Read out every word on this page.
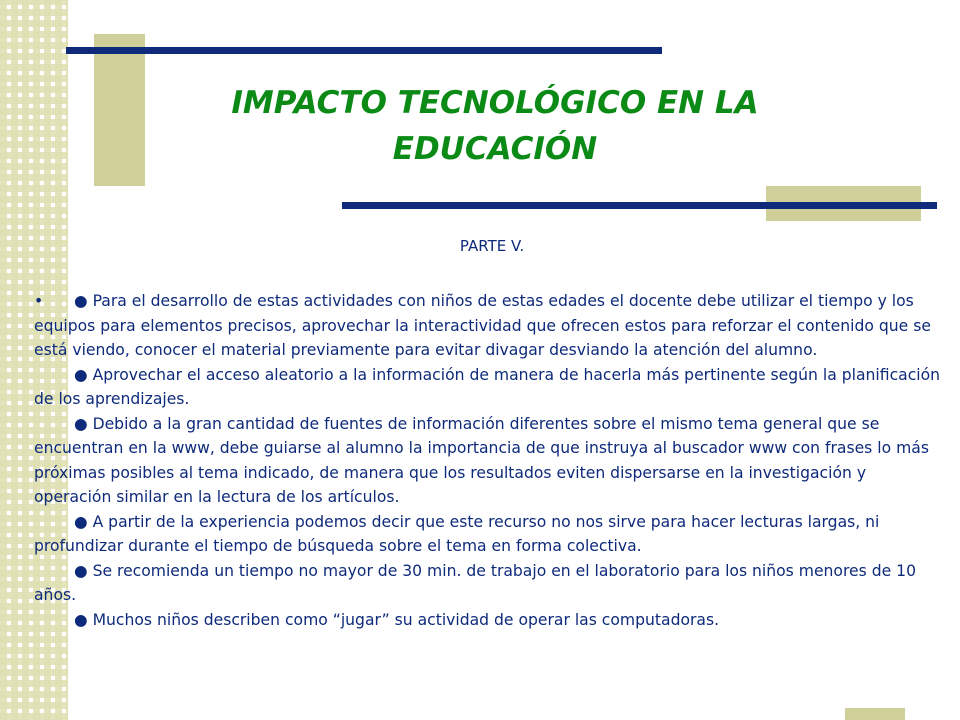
IMPACTO TECNOLÓGICO EN LA EDUCACIÓN
PARTE V.

• ● Para el desarrollo de estas actividades con niños de estas edades el docente debe utilizar el tiempo y los equipos para elementos precisos, aprovechar la interactividad que ofrecen estos para reforzar el contenido que se está viendo, conocer el material previamente para evitar divagar desviando la atención del alumno.

● Aprovechar el acceso aleatorio a la información de manera de hacerla más pertinente según la planificación de los aprendizajes.

● Debido a la gran cantidad de fuentes de información diferentes sobre el mismo tema general que se encuentran en la www, debe guiarse al alumno la importancia de que instruya al buscador www con frases lo más próximas posibles al tema indicado, de manera que los resultados eviten dispersarse en la investigación y operación similar en la lectura de los artículos.

● A partir de la experiencia podemos decir que este recurso no nos sirve para hacer lecturas largas, ni profundizar durante el tiempo de búsqueda sobre el tema en forma colectiva.

● Se recomienda un tiempo no mayor de 30 min. de trabajo en el laboratorio para los niños menores de 10 años.

● Muchos niños describen como “jugar” su actividad de operar las computadoras.
